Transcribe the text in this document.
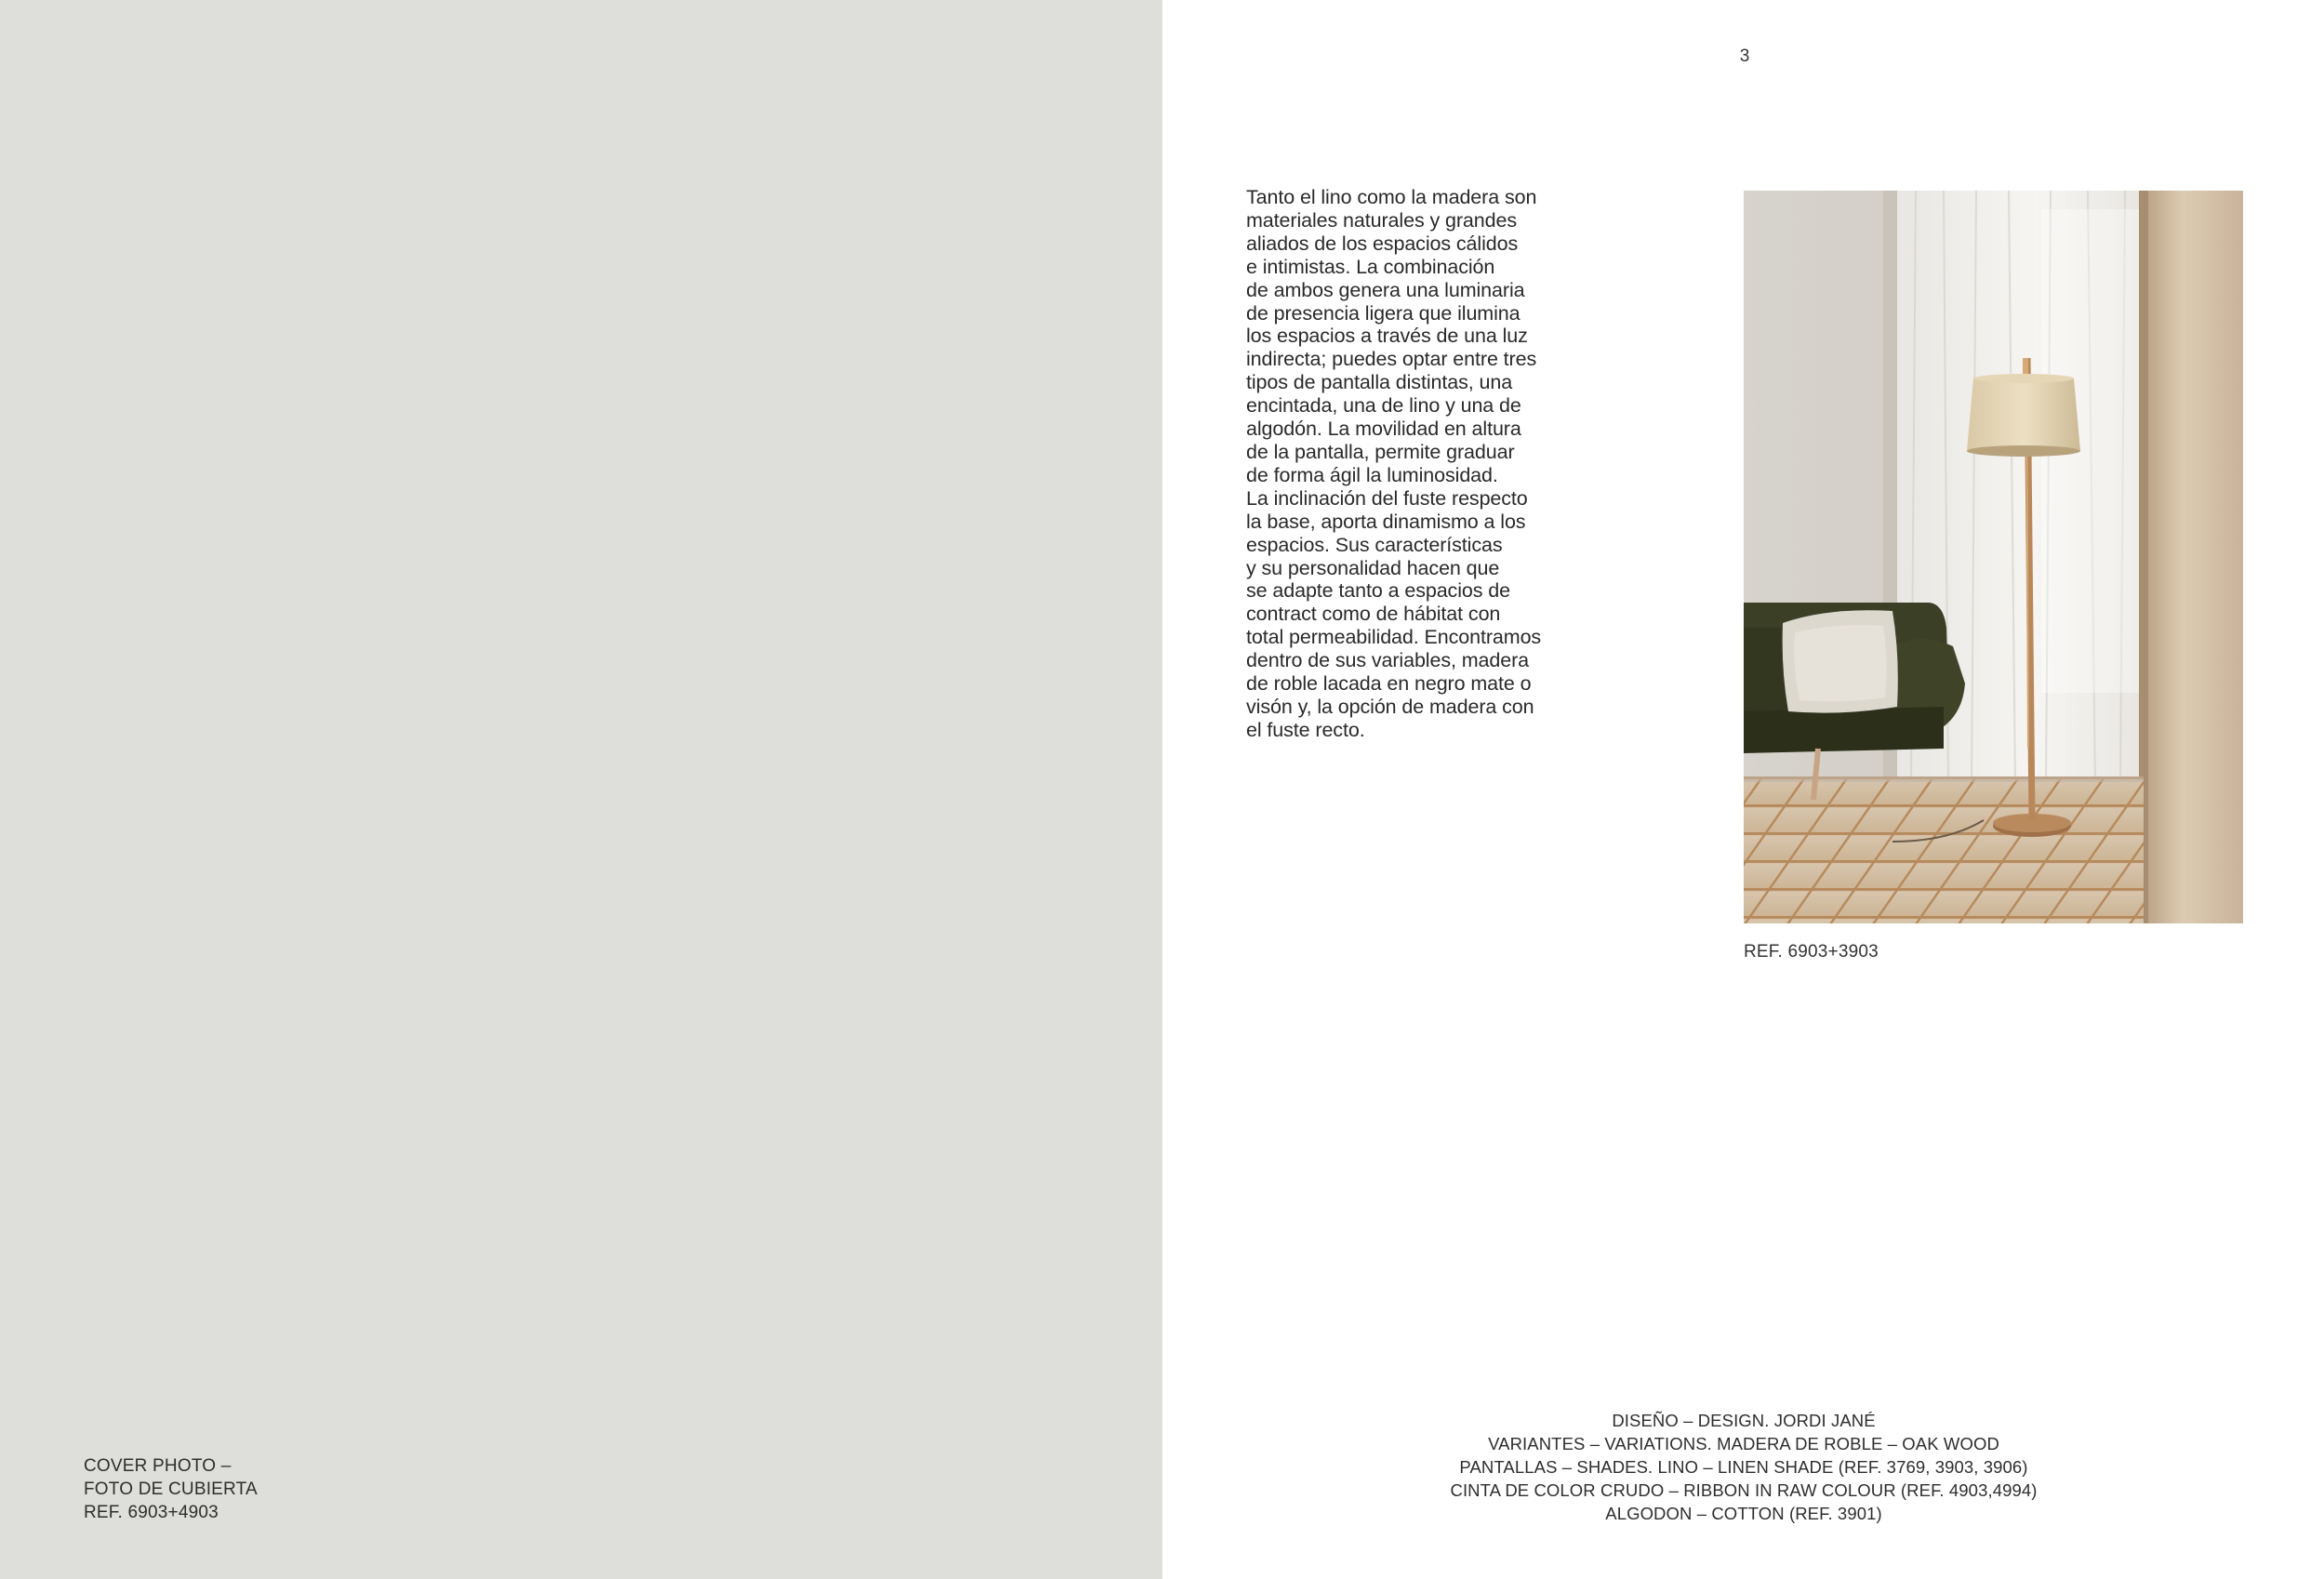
COVER PHOTO –
FOTO DE CUBIERTA
REF. 6903+4903
3
Tanto el lino como la madera son
materiales naturales y grandes
aliados de los espacios cálidos
e intimistas. La combinación
de ambos genera una luminaria
de presencia ligera que ilumina
los espacios a través de una luz
indirecta; puedes optar entre tres
tipos de pantalla distintas, una
encintada, una de lino y una de
algodón. La movilidad en altura
de la pantalla, permite graduar
de forma ágil la luminosidad.
La inclinación del fuste respecto
la base, aporta dinamismo a los
espacios. Sus características
y su personalidad hacen que
se adapte tanto a espacios de
contract como de hábitat con
total permeabilidad. Encontramos
dentro de sus variables, madera
de roble lacada en negro mate o
visón y, la opción de madera con
el fuste recto.
REF. 6903+3903
DISEÑO – DESIGN. JORDI JANÉ
VARIANTES – VARIATIONS. MADERA DE ROBLE – OAK WOOD
PANTALLAS – SHADES. LINO – LINEN SHADE (REF. 3769, 3903, 3906)
CINTA DE COLOR CRUDO – RIBBON IN RAW COLOUR (REF. 4903,4994)
ALGODON – COTTON (REF. 3901)
